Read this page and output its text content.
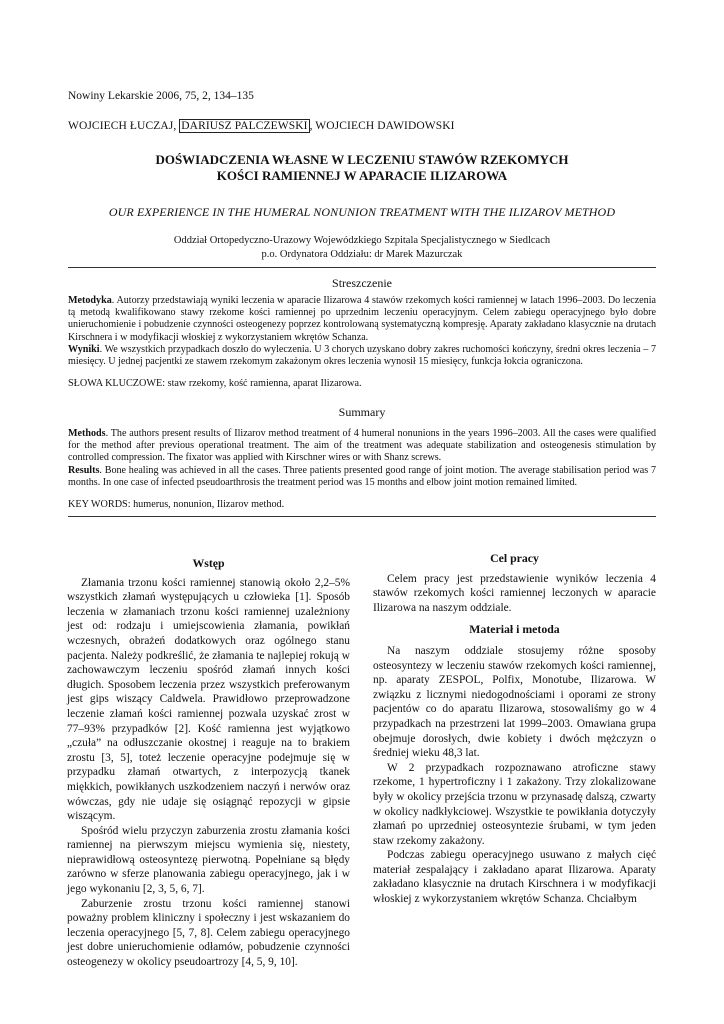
Nowiny Lekarskie 2006, 75, 2, 134–135
WOJCIECH ŁUCZAJ, DARIUSZ PALCZEWSKI , WOJCIECH DAWIDOWSKI
DOŚWIADCZENIA WŁASNE W LECZENIU STAWÓW RZEKOMYCH
KOŚCI RAMIENNEJ W APARACIE ILIZAROWA
OUR EXPERIENCE IN THE HUMERAL NONUNION TREATMENT WITH THE ILIZAROV METHOD
Oddział Ortopedyczno-Urazowy Wojewódzkiego Szpitala Specjalistycznego w Siedlcach
p.o. Ordynatora Oddziału: dr Marek Mazurczak
Streszczenie

Metodyka. Autorzy przedstawiają wyniki leczenia w aparacie Ilizarowa 4 stawów rzekomych kości ramiennej w latach 1996–2003. Do leczenia tą metodą kwalifikowano stawy rzekome kości ramiennej po uprzednim leczeniu operacyjnym. Celem zabiegu operacyjnego było dobre unieruchomienie i pobudzenie czynności osteogenezy poprzez kontrolowaną systematyczną kompresję. Aparaty zakładano klasycznie na drutach Kirschnera i w modyfikacji włoskiej z wykorzystaniem wkrętów Schanza.

Wyniki. We wszystkich przypadkach doszło do wyleczenia. U 3 chorych uzyskano dobry zakres ruchomości kończyny, średni okres leczenia – 7 miesięcy. U jednej pacjentki ze stawem rzekomym zakażonym okres leczenia wynosił 15 miesięcy, funkcja łokcia ograniczona.

SŁOWA KLUCZOWE: staw rzekomy, kość ramienna, aparat Ilizarowa.
Summary

Methods. The authors present results of Ilizarov method treatment of 4 humeral nonunions in the years 1996–2003. All the cases were qualified for the method after previous operational treatment. The aim of the treatment was adequate stabilization and osteogenesis stimulation by controlled compression. The fixator was applied with Kirschner wires or with Shanz screws.

Results. Bone healing was achieved in all the cases. Three patients presented good range of joint motion. The average stabilisation period was 7 months. In one case of infected pseudoarthrosis the treatment period was 15 months and elbow joint motion remained limited.

KEY WORDS: humerus, nonunion, Ilizarov method.
Wstęp

Złamania trzonu kości ramiennej stanowią około 2,2–5% wszystkich złamań występujących u człowieka [1]. Sposób leczenia w złamaniach trzonu kości ramiennej uzależniony jest od: rodzaju i umiejscowienia złamania, powikłań wczesnych, obrażeń dodatkowych oraz ogólnego stanu pacjenta. Należy podkreślić, że złamania te najlepiej rokują w zachowawczym leczeniu spośród złamań innych kości długich. Sposobem leczenia przez wszystkich preferowanym jest gips wiszący Caldwela. Prawidłowo przeprowadzone leczenie złamań kości ramiennej pozwala uzyskać zrost w 77–93% przypadków [2]. Kość ramienna jest wyjątkowo „czuła” na odłuszczanie okostnej i reaguje na to brakiem zrostu [3, 5], toteż leczenie operacyjne podejmuje się w przypadku złamań otwartych, z interpozycją tkanek miękkich, powikłanych uszkodzeniem naczyń i nerwów oraz wówczas, gdy nie udaje się osiągnąć repozycji w gipsie wiszącym.

Spośród wielu przyczyn zaburzenia zrostu złamania kości ramiennej na pierwszym miejscu wymienia się, niestety, nieprawidłową osteosyntezę pierwotną. Popełniane są błędy zarówno w sferze planowania zabiegu operacyjnego, jak i w jego wykonaniu [2, 3, 5, 6, 7].

Zaburzenie zrostu trzonu kości ramiennej stanowi poważny problem kliniczny i społeczny i jest wskazaniem do leczenia operacyjnego [5, 7, 8]. Celem zabiegu operacyjnego jest dobre unieruchomienie odłamów, pobudzenie czynności osteogenezy w okolicy pseudoartrozy [4, 5, 9, 10].

Cel pracy

Celem pracy jest przedstawienie wyników leczenia 4 stawów rzekomych kości ramiennej leczonych w aparacie Ilizarowa na naszym oddziale.

Materiał i metoda

Na naszym oddziale stosujemy różne sposoby osteosyntezy w leczeniu stawów rzekomych kości ramiennej, np. aparaty ZESPOL, Polfix, Monotube, Ilizarowa. W związku z licznymi niedogodnościami i oporami ze strony pacjentów co do aparatu Ilizarowa, stosowaliśmy go w 4 przypadkach na przestrzeni lat 1999–2003. Omawiana grupa obejmuje dorosłych, dwie kobiety i dwóch mężczyzn o średniej wieku 48,3 lat.

W 2 przypadkach rozpoznawano atroficzne stawy rzekome, 1 hypertroficzny i 1 zakażony. Trzy zlokalizowane były w okolicy przejścia trzonu w przynasadę dalszą, czwarty w okolicy nadkłykciowej. Wszystkie te powikłania dotyczyły złamań po uprzedniej osteosyntezie śrubami, w tym jeden staw rzekomy zakażony.

Podczas zabiegu operacyjnego usuwano z małych cięć materiał zespalający i zakładano aparat Ilizarowa. Aparaty zakładano klasycznie na drutach Kirschnera i w modyfikacji włoskiej z wykorzystaniem wkrętów Schanza. Chciałbym
